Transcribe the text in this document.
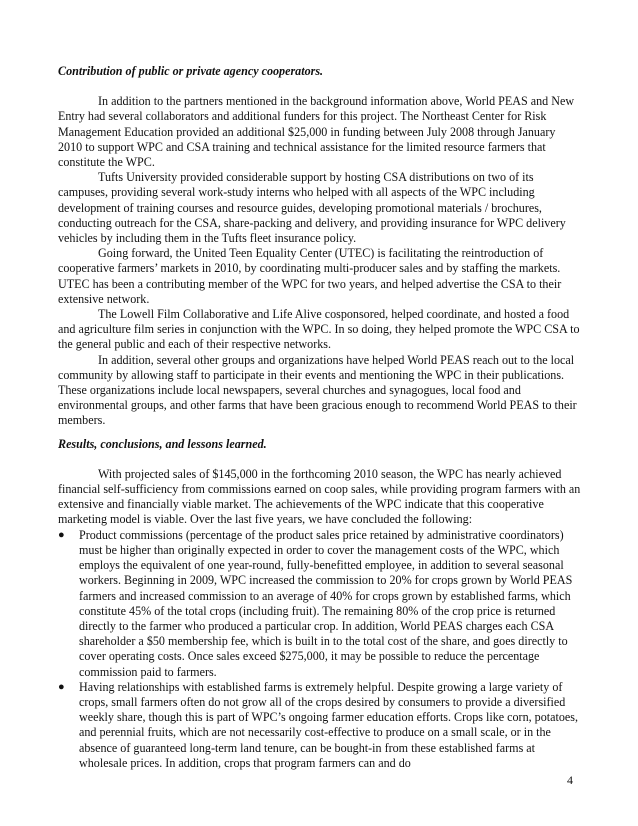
Contribution of public or private agency cooperators.

In addition to the partners mentioned in the background information above, World PEAS and New Entry had several collaborators and additional funders for this project. The Northeast Center for Risk Management Education provided an additional $25,000 in funding between July 2008 through January 2010 to support WPC and CSA training and technical assistance for the limited resource farmers that constitute the WPC.

Tufts University provided considerable support by hosting CSA distributions on two of its campuses, providing several work-study interns who helped with all aspects of the WPC including development of training courses and resource guides, developing promotional materials / brochures, conducting outreach for the CSA, share-packing and delivery, and providing insurance for WPC delivery vehicles by including them in the Tufts fleet insurance policy.

Going forward, the United Teen Equality Center (UTEC) is facilitating the reintroduction of cooperative farmers’ markets in 2010, by coordinating multi-producer sales and by staffing the markets. UTEC has been a contributing member of the WPC for two years, and helped advertise the CSA to their extensive network.

The Lowell Film Collaborative and Life Alive cosponsored, helped coordinate, and hosted a food and agriculture film series in conjunction with the WPC. In so doing, they helped promote the WPC CSA to the general public and each of their respective networks.

In addition, several other groups and organizations have helped World PEAS reach out to the local community by allowing staff to participate in their events and mentioning the WPC in their publications. These organizations include local newspapers, several churches and synagogues, local food and environmental groups, and other farms that have been gracious enough to recommend World PEAS to their members.

Results, conclusions, and lessons learned.

With projected sales of $145,000 in the forthcoming 2010 season, the WPC has nearly achieved financial self-sufficiency from commissions earned on coop sales, while providing program farmers with an extensive and financially viable market. The achievements of the WPC indicate that this cooperative marketing model is viable. Over the last five years, we have concluded the following:

●	Product commissions (percentage of the product sales price retained by administrative coordinators) must be higher than originally expected in order to cover the management costs of the WPC, which employs the equivalent of one year-round, fully-benefitted employee, in addition to several seasonal workers. Beginning in 2009, WPC increased the commission to 20% for crops grown by World PEAS farmers and increased commission to an average of 40% for crops grown by established farms, which constitute 45% of the total crops (including fruit). The remaining 80% of the crop price is returned directly to the farmer who produced a particular crop. In addition, World PEAS charges each CSA shareholder a $50 membership fee, which is built in to the total cost of the share, and goes directly to cover operating costs. Once sales exceed $275,000, it may be possible to reduce the percentage commission paid to farmers.
●	Having relationships with established farms is extremely helpful. Despite growing a large variety of crops, small farmers often do not grow all of the crops desired by consumers to provide a diversified weekly share, though this is part of WPC’s ongoing farmer education efforts. Crops like corn, potatoes, and perennial fruits, which are not necessarily cost-effective to produce on a small scale, or in the absence of guaranteed long-term land tenure, can be bought-in from these established farms at wholesale prices. In addition, crops that program farmers can and do
4
